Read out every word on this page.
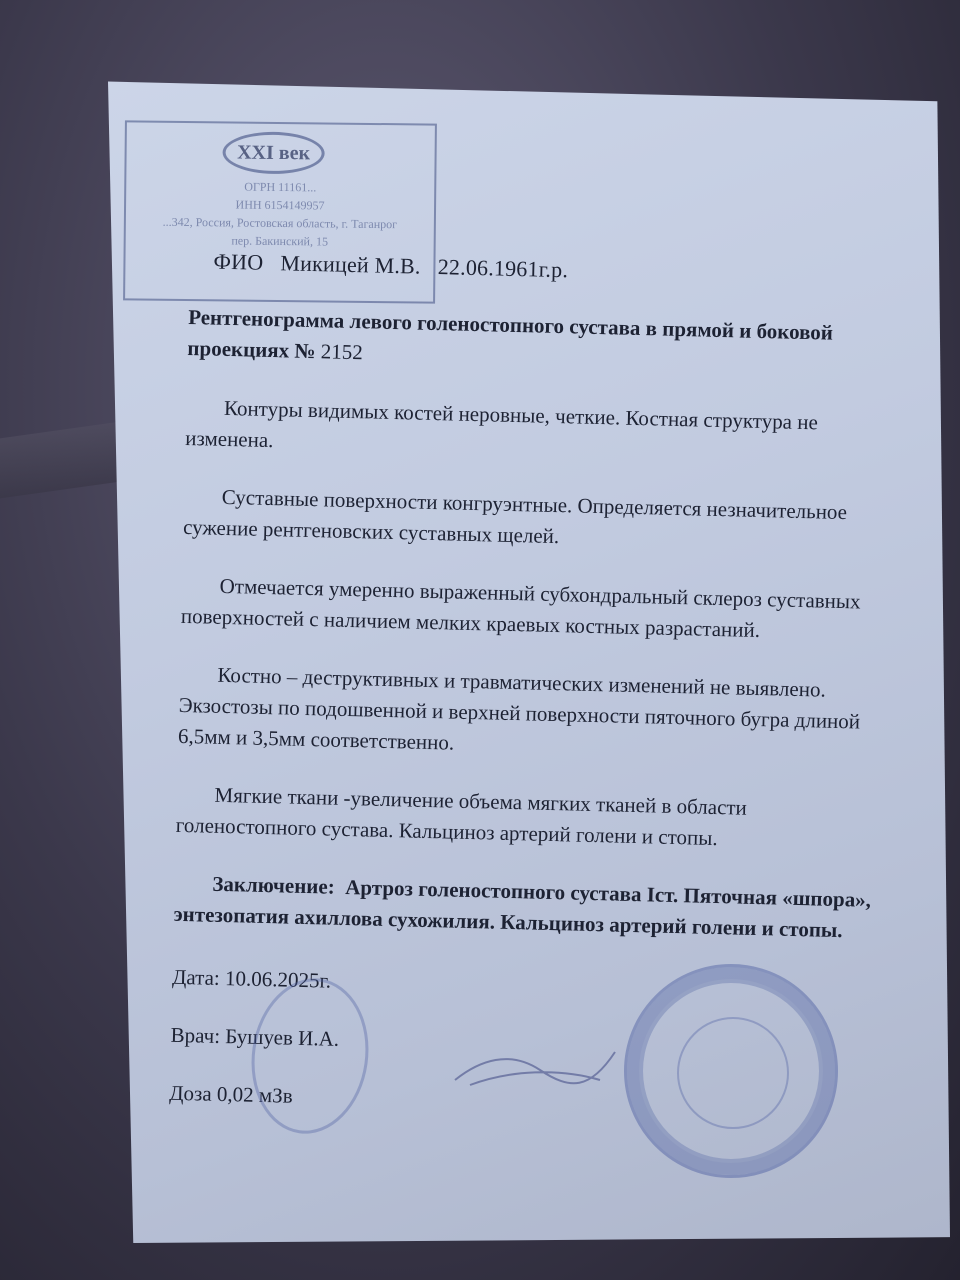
XXI век
ОГРН 11161...
ИНН 6154149957
...342, Россия, Ростовская область, г. Таганрог
пер. Бакинский, 15
ФИО Микицей М.В. 22.06.1961г.р.
Рентгенограмма левого голеностопного сустава в прямой и боковой проекциях № 2152
Контуры видимых костей неровные, четкие. Костная структура не изменена.
Суставные поверхности конгруэнтные. Определяется незначительное сужение рентгеновских суставных щелей.
Отмечается умеренно выраженный субхондральный склероз суставных поверхностей с наличием мелких краевых костных разрастаний.
Костно – деструктивных и травматических изменений не выявлено. Экзостозы по подошвенной и верхней поверхности пяточного бугра длиной 6,5мм и 3,5мм соответственно.
Мягкие ткани -увеличение объема мягких тканей в области голеностопного сустава. Кальциноз артерий голени и стопы.
Заключение: Артроз голеностопного сустава Iст. Пяточная «шпора», энтезопатия ахиллова сухожилия. Кальциноз артерий голени и стопы.
Дата: 10.06.2025г.
Врач: Бушуев И.А.
Доза 0,02 мЗв
